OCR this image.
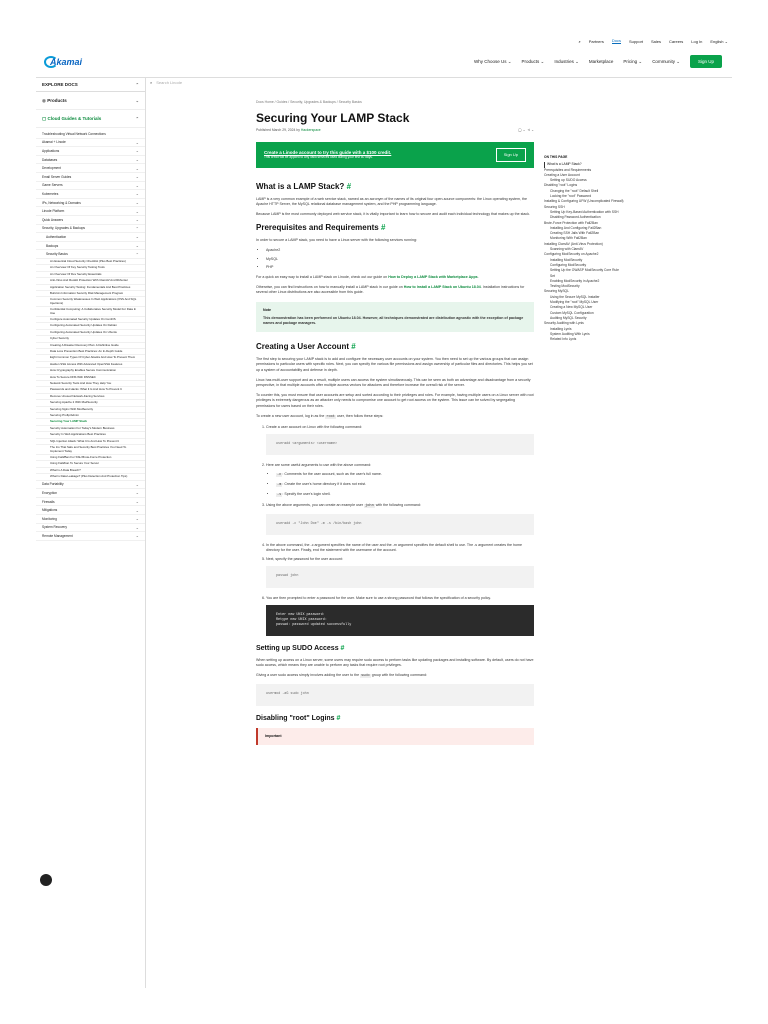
⌕ Partners Docs Support Sales Careers Log In English ⌄
Akamai	Why Choose Us ⌄ Products ⌄ Industries ⌄ Marketplace Pricing ⌄ Community ⌄	Sign Up
⌕ Search Linode
EXPLORE DOCS	⌃
◉ Products	⌄
▢ Cloud Guides & Tutorials	⌃
Troubleshooting Virtual Network Connections
Akamai + Linode	⌄
Applications	⌄
Databases	⌄
Development	⌄
Email Server Guides	⌄
Game Servers	⌄
Kubernetes	⌄
IPs, Networking & Domains	⌄
Linode Platform	⌄
Quick Answers	⌄
Security, Upgrades & Backups	⌃
Authentication	⌄
Backups	⌄
Security Basics	⌃
An Essential Cloud Security Checklist (Plus Best Practices)
An Overview Of Key Security Testing Tools
An Overview Of Dev Security Essentials
Anti-Virus And Rootkit Protection With ClamAV And Rkhunter
Application Security Testing: Fundamentals And Best Practices
Build An Information Security Risk Management Program
Common Security Weaknesses In Web Applications (XSS And SQL Injections)
Confidential Computing: A Collaborative Security Model For Data In Use
Configure Automated Security Updates On CentOS
Configuring Automated Security Updates On Debian
Configuring Automated Security Updates On Ubuntu
Cyber Security
Creating A Disaster Recovery Plan: A Definitive Guide
Data Loss Prevention Best Practices: An In-Depth Guide
Eight Common Types Of Cyber Attacks And How To Prevent Them
Harden SSH Access With Advanced OpenSSH Features
How Cryptography Enables Secure Communication
How To Secure DNS With DNSSEC
Network Security Tools And How They Help You
Passwords and Hacks: What It Is And How To Prevent It
Remove Unused Network-Facing Services
Securing Apache 2 With ModSecurity
Securing Nginx With ModSecurity
Securing Proftp/Admin
Securing Your LAMP Stack
Security Automation For Today's Modern Business
Security In Web Applications Best Practices
SQL Injection Attack: What It Is And How To Prevent It
The Ins That Safe and Security Best Practices You Need To Implement Today
Using Fail2Ban For SSH Brute-Force Protection
Using Fail2ban To Secure Your Server
What Is A Data Breach?
What Is Data Leakage? (Plus Detection And Protection Tips)
Data Portability	⌄
Encryption	⌄
Firewalls	⌄
Mitigations	⌄
Monitoring	⌄
System Recovery	⌄
Remote Management	⌄
Docs Home / Guides / Security, Upgrades & Backups / Security Basics
Securing Your LAMP Stack
Published March 29, 2024 by Hackerspace	◯ ⌄  ≺ ⌄
Create a Linode account to try this guide with a $100 credit.
This credit will be applied to any valid services used during your first 60 days.	Sign Up
What is a LAMP Stack? #

LAMP is a very common example of a web service stack, named as an acronym of the names of its original four open-source components: the Linux operating system, the Apache HTTP Server, the MySQL relational database management system, and the PHP programming language.

Because LAMP is the most commonly deployed web service stack, it is vitally important to learn how to secure and audit each individual technology that makes up the stack.

Prerequisites and Requirements #

In order to secure a LAMP stack, you need to have a Linux server with the following services running:

• Apache2
• MySQL
• PHP

For a quick an easy way to install a LAMP stack on Linode, check out our guide on How to Deploy a LAMP Stack with Marketplace Apps.

Otherwise, you can find instructions on how to manually install a LAMP stack in our guide on How to Install a LAMP Stack on Ubuntu 18.04. Installation instructions for several other Linux distributions are also accessible from this guide.

Note
This demonstration has been performed on Ubuntu 18.04. However, all techniques demonstrated are distribution agnostic with the exception of package names and package managers.
Creating a User Account #

The first step to securing your LAMP stack is to add and configure the necessary user accounts on your system. You then need to set up the various groups that can assign permissions to particular users with specific roles. Next, you can specify the various file permissions and assign ownership of particular files and directories. This helps you set up a system of accountability and defense in depth.

Linux has multi-user support and as a result, multiple users can access the system simultaneously. This can be seen as both an advantage and disadvantage from a security perspective, in that multiple accounts offer multiple access vectors for attackers and therefore increase the overall risk of the server.

To counter this, you must ensure that user accounts are setup and sorted according to their privileges and roles. For example, having multiple users on a Linux server with root privileges is extremely dangerous as an attacker only needs to compromise one account to get root access on the system. This issue can be solved by segregating permissions for users based on their roles.

To create a new user account, log in as the root user, then follow these steps:

1. Create a user account on Linux with the following command:
useradd <arguments> <username>
2. Here are some useful arguments to use with the above command:
• -c: Comments for the user account, such as the user's full name.
• -m: Create the user's home directory if it does not exist.
• -s: Specify the user's login shell.
3. Using the above arguments, you can create an example user john with the following command:
useradd -c "John Doe" -m -s /bin/bash john
4. In the above command, the -c argument specifies the name of the user and the -m argument specifies the default shell to use. The -s argument creates the home directory for the user. Finally, end the statement with the username of the account.
5. Next, specify the password for the user account:
passwd john
6. You are then prompted to enter a password for the user. Make sure to use a strong password that follows the specification of a security policy.
Enter new UNIX password:
Retype new UNIX password:
passwd: password updated successfully
Setting up SUDO Access #

When setting up access on a Linux server, some users may require sudo access to perform tasks like updating packages and installing software. By default, users do not have sudo access, which means they are unable to perform any tasks that require root privileges.

Giving a user sudo access simply involves adding the user to the sudo group with the following command:

usermod -aG sudo john
Disabling "root" Logins #
Important
ON THIS PAGE
What is a LAMP Stack?
Prerequisites and Requirements
Creating a User Account
Setting up SUDO Access
Disabling "root" Logins
Changing the "root" Default Shell
Locking the "root" Password
Installing & Configuring UFW (Uncomplicated Firewall)
Securing SSH
Setting Up Key-Based Authentication with SSH
Disabling Password Authentication
Brute-Force Protection with Fail2Ban
Installing And Configuring Fail2Ban
Creating SSH Jails With Fail2Ban
Monitoring With Fail2Ban
Installing ClamAV (Anti-Virus Protection)
Scanning with ClamAV
Configuring ModSecurity on Apache2
Installing ModSecurity
Configuring ModSecurity
Setting Up the OWASP ModSecurity Core Rule Set
Enabling ModSecurity in Apache2
Testing ModSecurity
Securing MySQL
Using the Secure MySQL Installer
Modifying the "root" MySQL User
Creating a New MySQL User
Custom MySQL Configuration
Auditing MySQL Security
Security Auditing with Lynis
Installing Lynis
System Auditing With Lynis
Related Info Lynis
